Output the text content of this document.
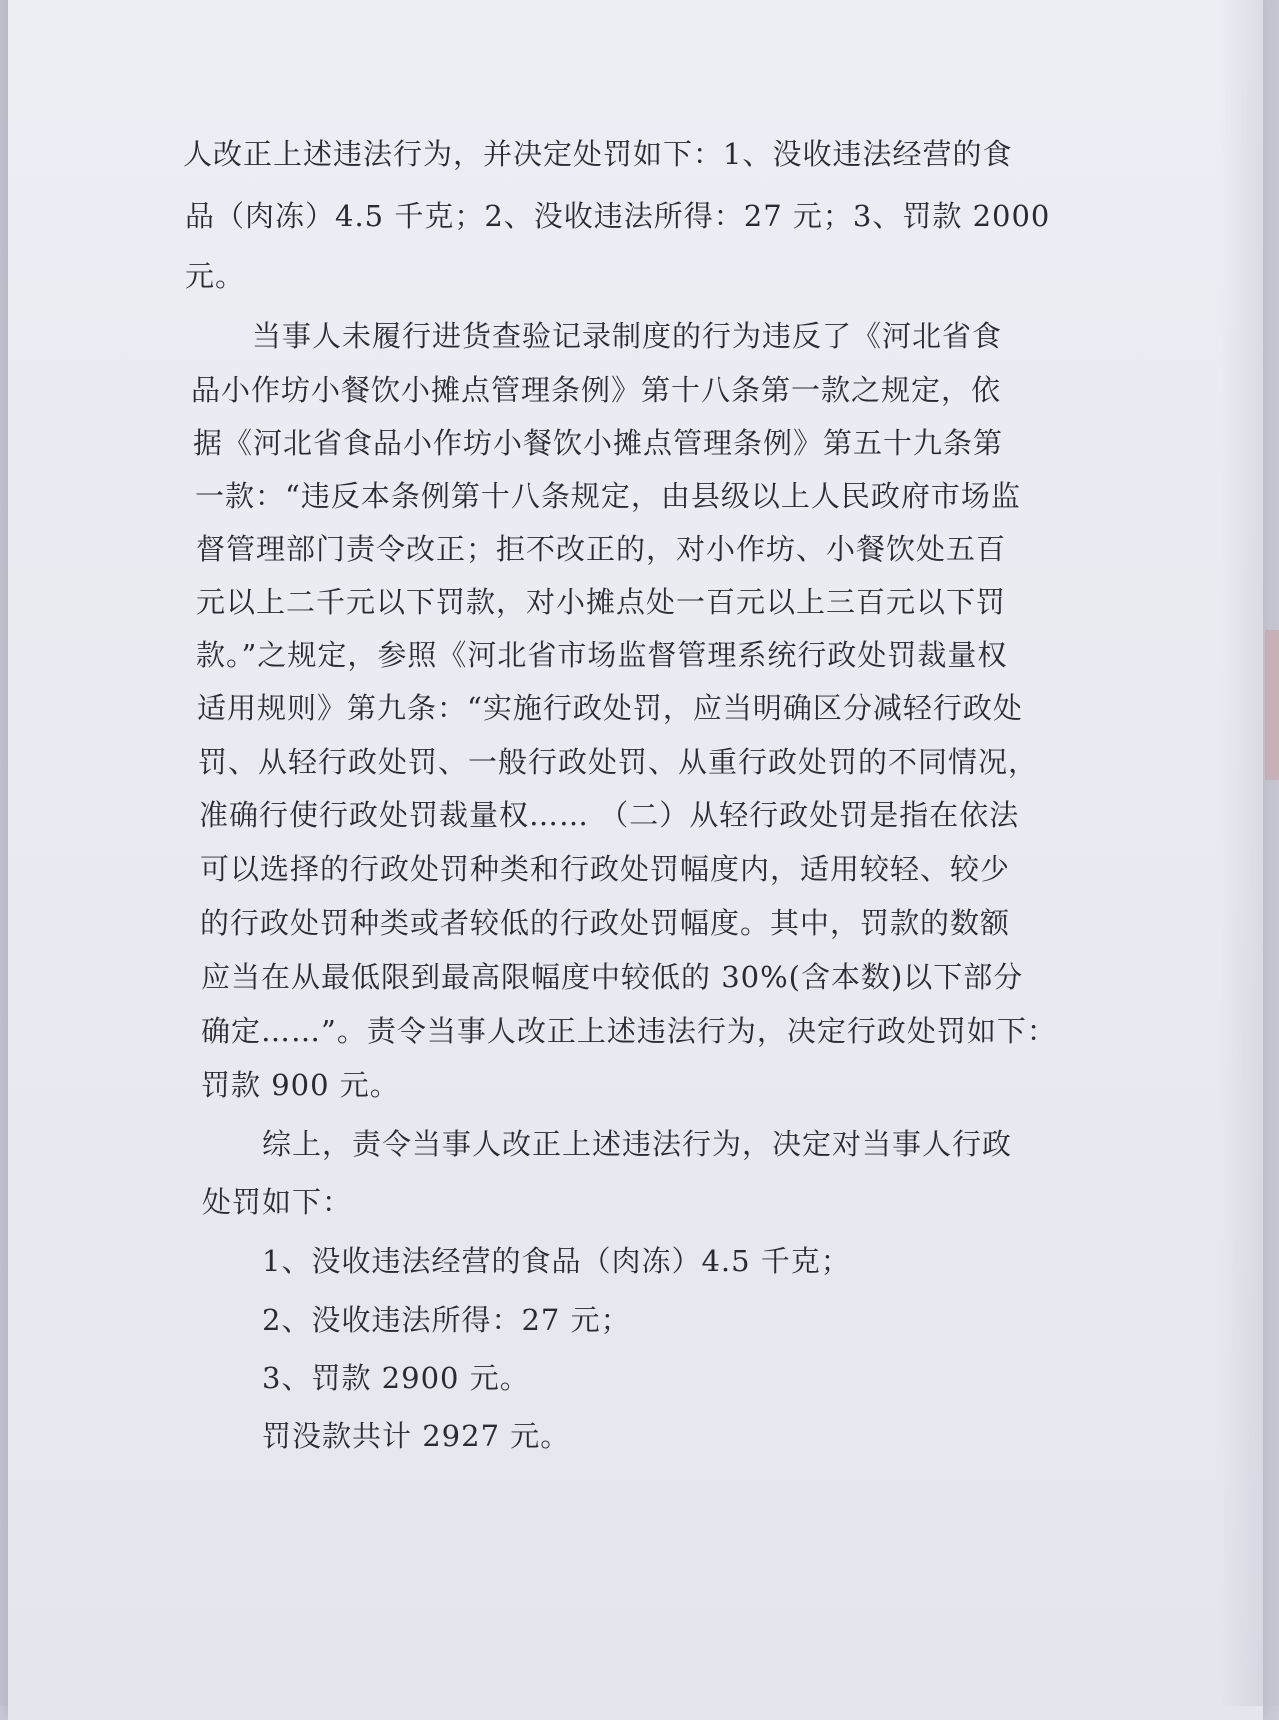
人改正上述违法行为，并决定处罚如下：1、没收违法经营的食
品（肉冻）4.5 千克；2、没收违法所得：27 元；3、罚款 2000
元。
当事人未履行进货查验记录制度的行为违反了《河北省食
品小作坊小餐饮小摊点管理条例》第十八条第一款之规定，依
据《河北省食品小作坊小餐饮小摊点管理条例》第五十九条第
一款：“违反本条例第十八条规定，由县级以上人民政府市场监
督管理部门责令改正；拒不改正的，对小作坊、小餐饮处五百
元以上二千元以下罚款，对小摊点处一百元以上三百元以下罚
款。”之规定，参照《河北省市场监督管理系统行政处罚裁量权
适用规则》第九条：“实施行政处罚，应当明确区分减轻行政处
罚、从轻行政处罚、一般行政处罚、从重行政处罚的不同情况，
准确行使行政处罚裁量权…… （二）从轻行政处罚是指在依法
可以选择的行政处罚种类和行政处罚幅度内，适用较轻、较少
的行政处罚种类或者较低的行政处罚幅度。其中，罚款的数额
应当在从最低限到最高限幅度中较低的 30%(含本数)以下部分
确定……”。责令当事人改正上述违法行为，决定行政处罚如下：
罚款 900 元。
综上，责令当事人改正上述违法行为，决定对当事人行政
处罚如下：
1、没收违法经营的食品（肉冻）4.5 千克；
2、没收违法所得：27 元；
3、罚款 2900 元。
罚没款共计 2927 元。
